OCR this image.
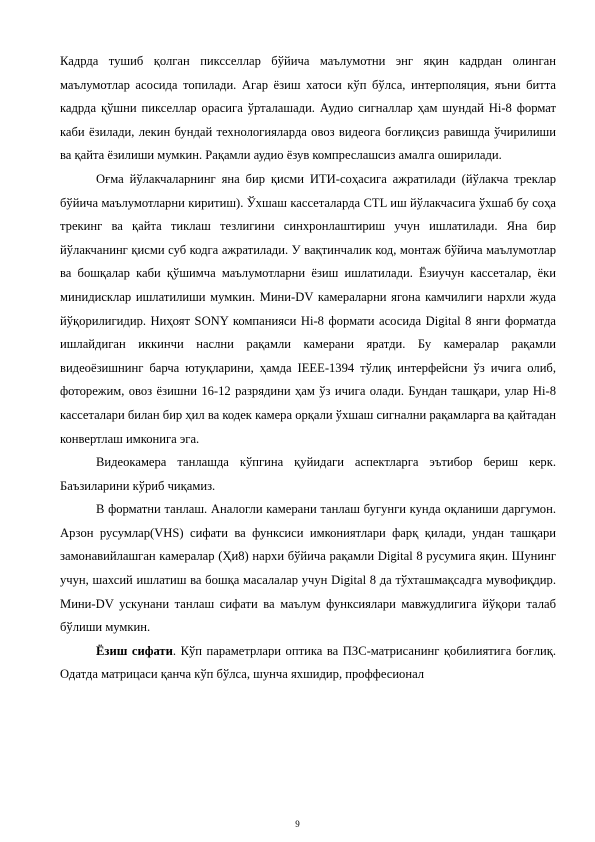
Кадрда тушиб қолган пиксселлар бўйича маълумотни энг яқин кадрдан олинган маълумотлар асосида топилади. Агар ёзиш хатоси кўп бўлса, интерполяция, яъни битта кадрда қўшни пикселлар орасига ўрталашади. Аудио сигналлар ҳам шундай Hi-8 формат каби ёзилади, лекин бундай технологияларда овоз видеога боғлиқсиз равишда ўчирилиши ва қайта ёзилиши мумкин. Рақамли аудио ёзув компреслашсиз амалга оширилади.

Оғма йўлакчаларнинг яна бир қисми ИТИ-соҳасига ажратилади (йўлакча треклар бўйича маълумотларни киритиш). Ўхшаш кассеталарда CTL иш йўлакчасига ўхшаб бу соҳа трекинг ва қайта тиклаш тезлигини синхронлаштириш учун ишлатилади. Яна бир йўлакчанинг қисми суб кодга ажратилади. У вақтинчалик код, монтаж бўйича маълумотлар ва бошқалар каби қўшимча маълумотларни ёзиш ишлатилади. Ёзиучун кассеталар, ёки минидисклар ишлатилиши мумкин. Мини-DV камераларни ягона камчилиги нархли жуда йўқорилигидир. Ниҳоят SONY компанияси Hi-8 формати асосида Digital 8 янги форматда ишлайдиган иккинчи наслни рақамли камерани яратди. Бу камералар рақамли видеоёзишнинг барча ютуқларини, ҳамда IEEE-1394 тўлиқ интерфейсни ўз ичига олиб, фоторежим, овоз ёзишни 16-12 разрядини ҳам ўз ичига олади. Бундан ташқари, улар Hi-8 кассеталари билан бир ҳил ва кодек камера орқали ўхшаш сигнални рақамларга ва қайтадан конвертлаш имконига эга.

Видеокамера танлашда кўпгина қуйидаги аспектларга эътибор бериш керк. Баъзиларини кўриб чиқамиз.

В форматни танлаш. Аналогли камерани танлаш бугунги кунда оқланиши даргумон. Арзон русумлар(VHS) сифати ва функсиси имкониятлари фарқ қилади, ундан ташқари замонавийлашган камералар (Ҳи8) нархи бўйича рақамли Digital 8 русумига яқин. Шунинг учун, шахсий ишлатиш ва бошқа масалалар учун Digital 8 да тўхташмақсадга мувофиқдир. Мини-DV ускунани танлаш сифати ва маълум функсиялари мавжудлигига йўқори талаб бўлиши мумкин.

Ёзиш сифати. Кўп параметрлари оптика ва ПЗС-матрисанинг қобилиятига боғлиқ. Одатда матрицаси қанча кўп бўлса, шунча яхшидир, проффесионал

9
